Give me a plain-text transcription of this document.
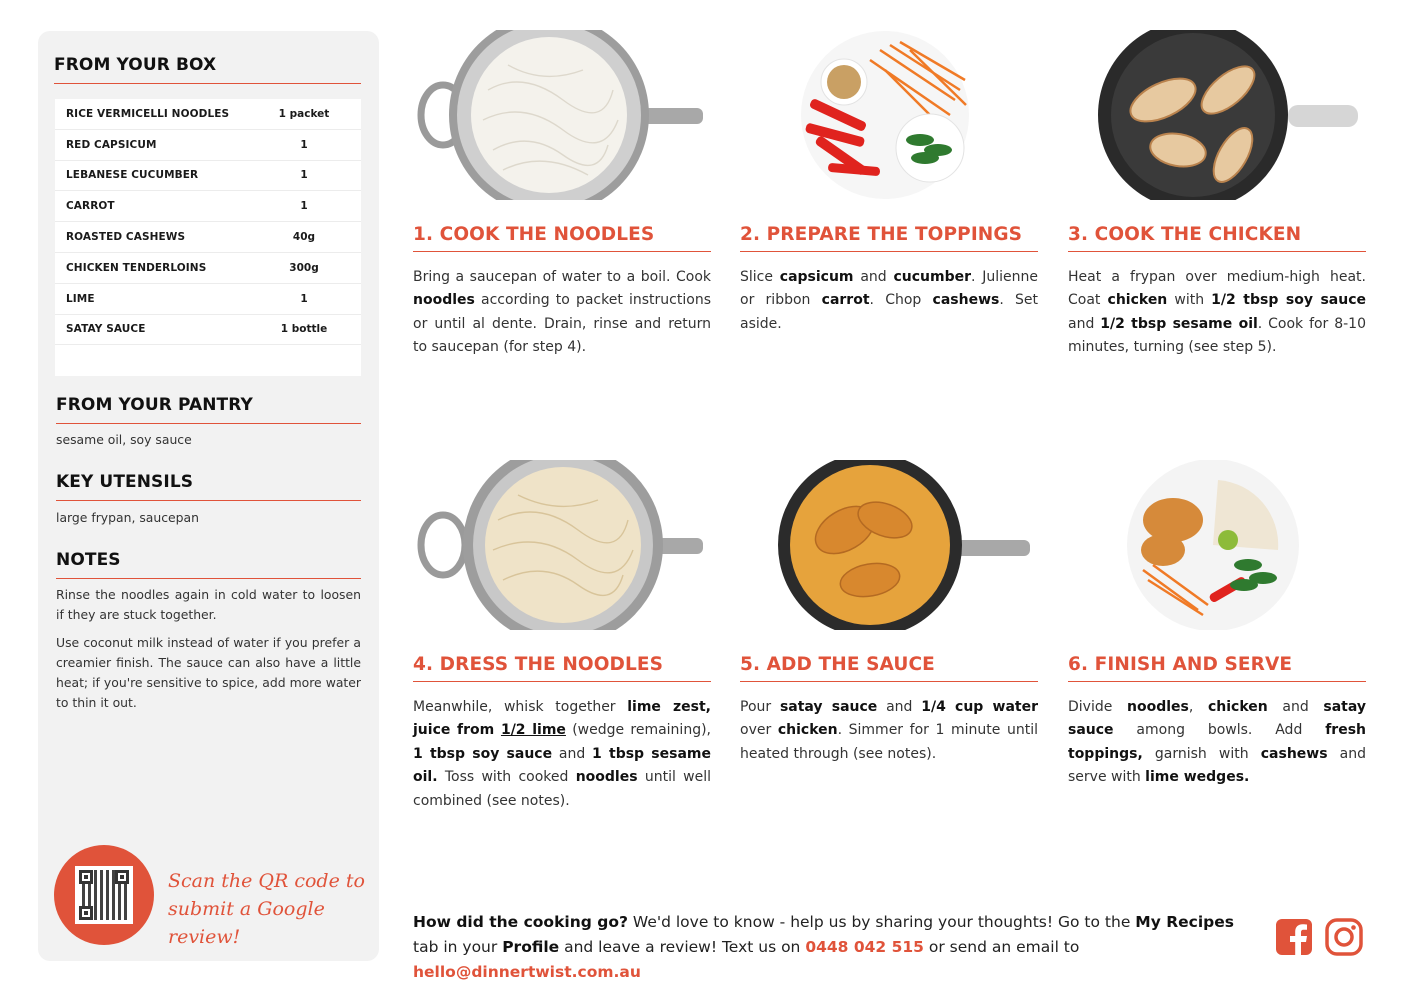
FROM YOUR BOX
RICE VERMICELLI NOODLES	1 packet
RED CAPSICUM	1
LEBANESE CUCUMBER	1
CARROT	1
ROASTED CASHEWS	40g
CHICKEN TENDERLOINS	300g
LIME	1
SATAY SAUCE	1 bottle
FROM YOUR PANTRY
sesame oil, soy sauce
KEY UTENSILS
large frypan, saucepan
NOTES

Rinse the noodles again in cold water to loosen if they are stuck together.

Use coconut milk instead of water if you prefer a creamier finish. The sauce can also have a little heat; if you're sensitive to spice, add more water to thin it out.

Scan the QR code to
submit a Google review!
1. COOK THE NOODLES	2. PREPARE THE TOPPINGS	3. COOK THE CHICKEN
4. DRESS THE NOODLES	5. ADD THE SAUCE	6. FINISH AND SERVE
Bring a saucepan of water to a boil. Cook noodles according to packet instructions or until al dente. Drain, rinse and return to saucepan (for step 4).
Slice capsicum and cucumber. Julienne or ribbon carrot. Chop cashews. Set aside.
Heat a frypan over medium-high heat. Coat chicken with 1/2 tbsp soy sauce and 1/2 tbsp sesame oil. Cook for 8-10 minutes, turning (see step 5).
Meanwhile, whisk together lime zest, juice from 1/2 lime (wedge remaining), 1 tbsp soy sauce and 1 tbsp sesame oil. Toss with cooked noodles until well combined (see notes).
Pour satay sauce and 1/4 cup water over chicken. Simmer for 1 minute until heated through (see notes).
Divide noodles, chicken and satay sauce among bowls. Add fresh toppings, garnish with cashews and serve with lime wedges.
How did the cooking go? We'd love to know - help us by sharing your thoughts! Go to the My Recipes tab in your Profile and leave a review! Text us on 0448 042 515 or send an email to hello@dinnertwist.com.au
